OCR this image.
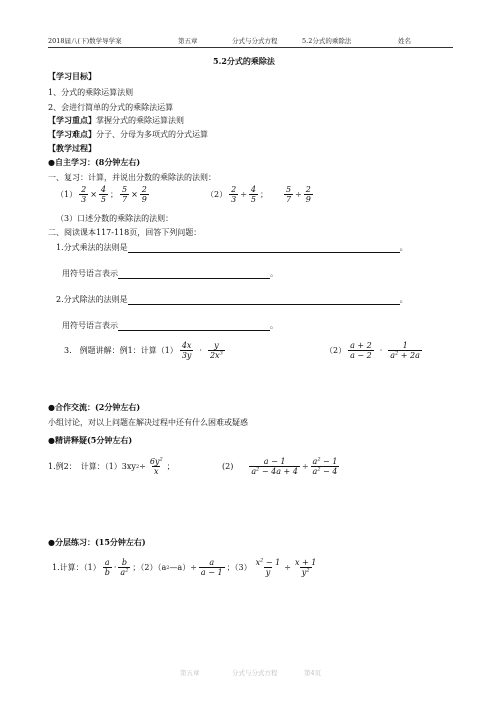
2018届八(下)数学导学案	第五章	分式与分式方程	5.2分式的乘除法	姓名
5.2分式的乘除法
【学习目标】
1、分式的乘除运算法则
2、会进行简单的分式的乘除法运算
【学习重点】掌握分式的乘除运算法则
【学习难点】分子、分母为多项式的分式运算
【教学过程】
●自主学习：(8分钟左右)
一、复习：计算，并说出分数的乘除法的法则：
$(1) \frac{2}{3} \times \frac{4}{5}$ ； $\frac{5}{7} \times \frac{2}{9}$	$(2) \frac{2}{3} \div \frac{4}{5}$ ； $\frac{5}{7} \div \frac{2}{9}$
（3）口述分数的乘除法的法则：
二、阅读课本117-118页，回答下列问题：
1.分式乘法的法则是	。
用符号语言表示	。
2.分式除法的法则是	。
用符号语言表示	。
3.　例题讲解：例1：计算$(1) \frac{4x}{3y} \cdot \frac{y}{2x^3}$	$(2) \frac{a + 2}{a - 2} \cdot \frac{1}{a^2 + 2a}$
●合作交流：(2分钟左右)
小组讨论，对以上问题在解决过程中还有什么困难或疑惑
●精讲释疑(5分钟左右)
1.例2：　计算：（1）3xy $2 \div \frac{6y^2}{x}$ ；	$(2) \frac{a - 1}{a^2 - 4a + 4} \div \frac{a^2 - 1}{a^2 - 4}$
●分层练习：(15分钟左右)
1.计算：$(1) \frac{a}{b} \cdot \frac{b}{a^2}$ ；（2）（a 2 —a）÷ $\frac{a}{a - 1}$ ；$(3) \frac{x^2 - 1}{y} \div \frac{x + 1}{y^2}$
第五章	分式与分式方程	第4页
